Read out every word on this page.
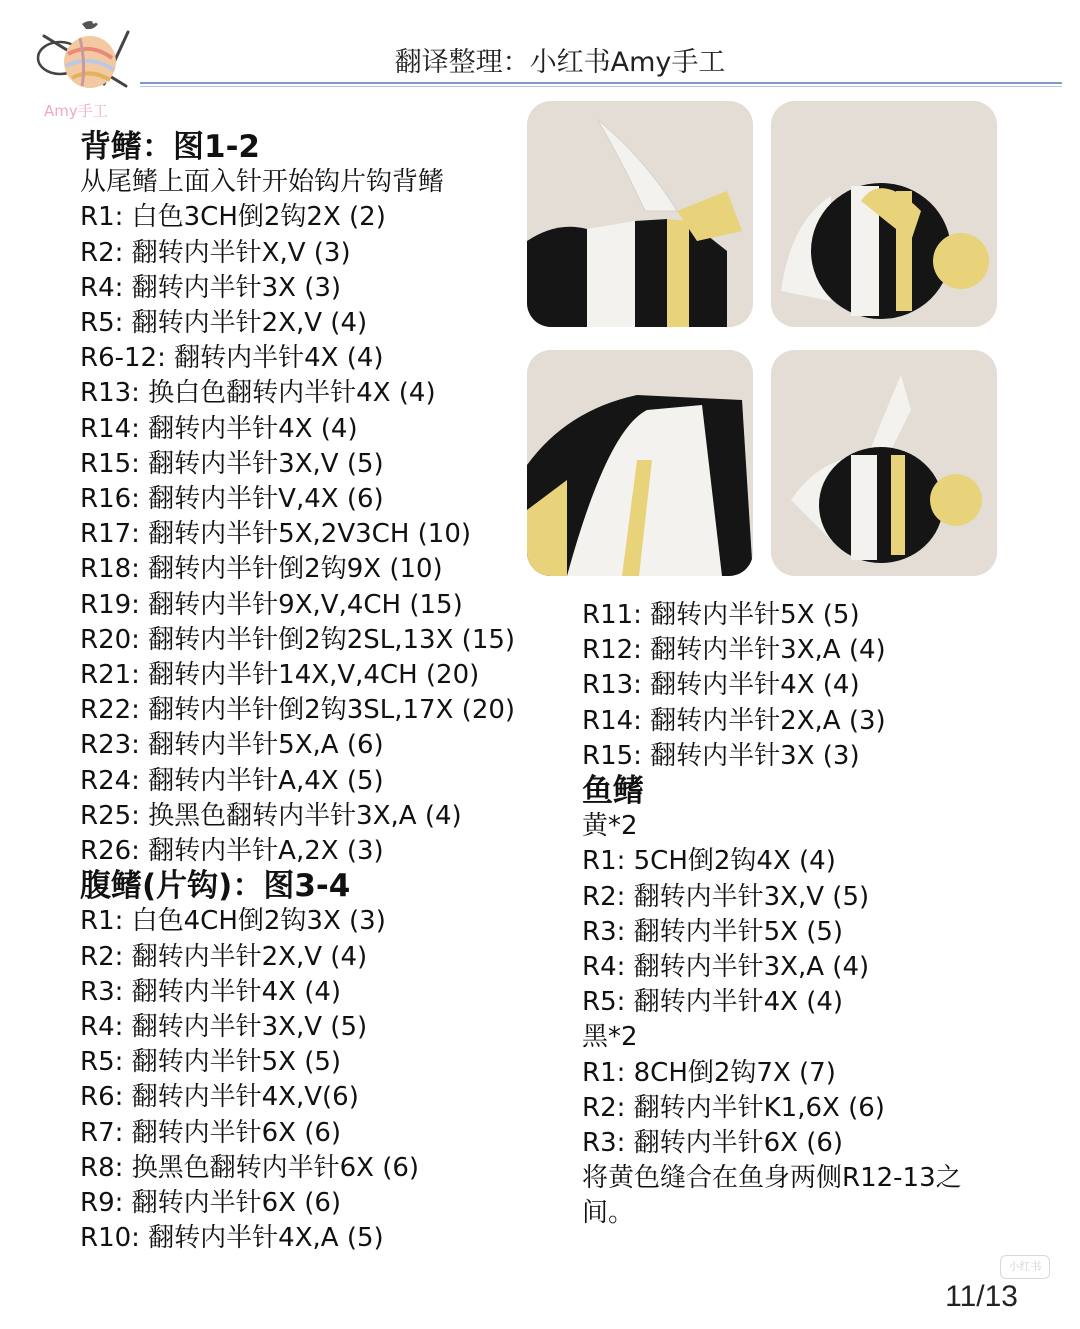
Amy手工
翻译整理：小红书Amy手工
背鳍：图1-2
从尾鳍上面入针开始钩片钩背鳍
R1: 白色3CH倒2钩2X (2)
R2: 翻转内半针X,V (3)
R4: 翻转内半针3X (3)
R5: 翻转内半针2X,V (4)
R6-12: 翻转内半针4X (4)
R13: 换白色翻转内半针4X (4)
R14: 翻转内半针4X (4)
R15: 翻转内半针3X,V (5)
R16: 翻转内半针V,4X (6)
R17: 翻转内半针5X,2V3CH (10)
R18: 翻转内半针倒2钩9X (10)
R19: 翻转内半针9X,V,4CH (15)
R20: 翻转内半针倒2钩2SL,13X (15)
R21: 翻转内半针14X,V,4CH (20)
R22: 翻转内半针倒2钩3SL,17X (20)
R23: 翻转内半针5X,A (6)
R24: 翻转内半针A,4X (5)
R25: 换黑色翻转内半针3X,A (4)
R26: 翻转内半针A,2X (3)
腹鳍(片钩)：图3-4
R1: 白色4CH倒2钩3X (3)
R2: 翻转内半针2X,V (4)
R3: 翻转内半针4X (4)
R4: 翻转内半针3X,V (5)
R5: 翻转内半针5X (5)
R6: 翻转内半针4X,V(6)
R7: 翻转内半针6X (6)
R8: 换黑色翻转内半针6X (6)
R9: 翻转内半针6X (6)
R10: 翻转内半针4X,A (5)
R11: 翻转内半针5X (5)
R12: 翻转内半针3X,A (4)
R13: 翻转内半针4X (4)
R14: 翻转内半针2X,A (3)
R15: 翻转内半针3X (3)
鱼鳍
黄*2
R1: 5CH倒2钩4X (4)
R2: 翻转内半针3X,V (5)
R3: 翻转内半针5X (5)
R4: 翻转内半针3X,A (4)
R5: 翻转内半针4X (4)
黑*2
R1: 8CH倒2钩7X (7)
R2: 翻转内半针K1,6X (6)
R3: 翻转内半针6X (6)
将黄色缝合在鱼身两侧R12-13之间。
小红书
11/13
